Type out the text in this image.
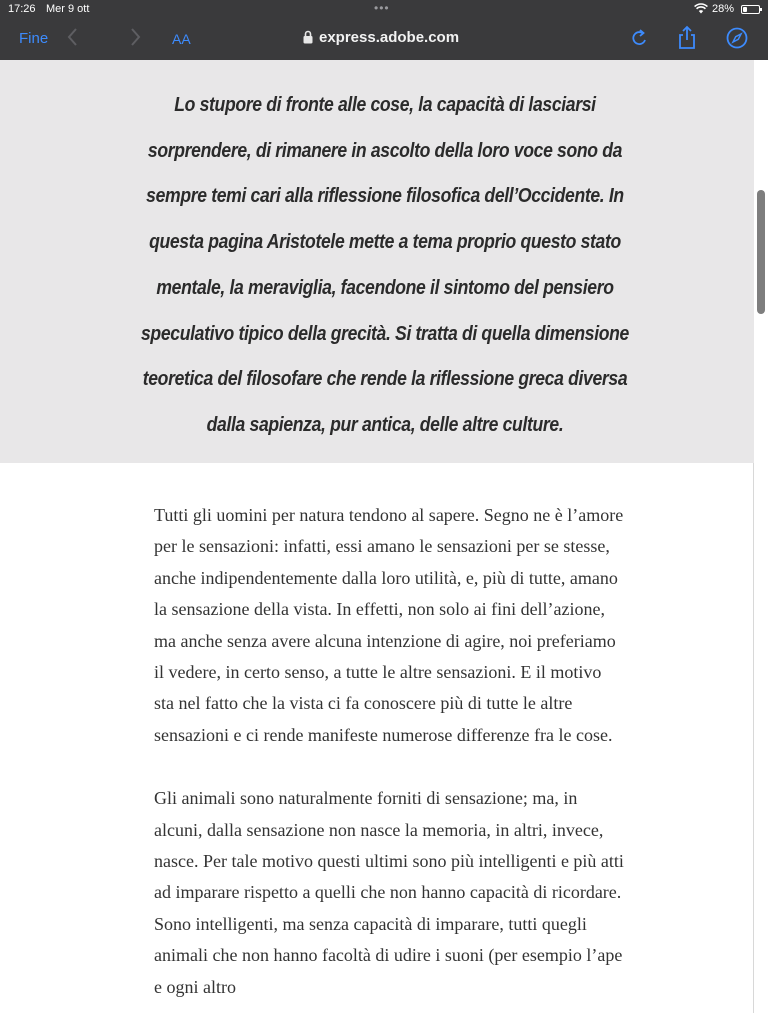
17:26 Mer 9 ott	•••	28%
Fine	AA	express.adobe.com

Lo stupore di fronte alle cose, la capacità di lasciarsi sorprendere, di rimanere in ascolto della loro voce sono da sempre temi cari alla riflessione filosofica dell’Occidente. In questa pagina Aristotele mette a tema proprio questo stato mentale, la meraviglia, facendone il sintomo del pensiero speculativo tipico della grecità. Si tratta di quella dimensione teoretica del filosofare che rende la riflessione greca diversa dalla sapienza, pur antica, delle altre culture.

Tutti gli uomini per natura tendono al sapere. Segno ne è l’amore per le sensazioni: infatti, essi amano le sensazioni per se stesse, anche indipendentemente dalla loro utilità, e, più di tutte, amano la sensazione della vista. In effetti, non solo ai fini dell’azione, ma anche senza avere alcuna intenzione di agire, noi preferiamo il vedere, in certo senso, a tutte le altre sensazioni. E il motivo sta nel fatto che la vista ci fa conoscere più di tutte le altre sensazioni e ci rende manifeste numerose differenze fra le cose.

Gli animali sono naturalmente forniti di sensazione; ma, in alcuni, dalla sensazione non nasce la memoria, in altri, invece, nasce. Per tale motivo questi ultimi sono più intelligenti e più atti ad imparare rispetto a quelli che non hanno capacità di ricordare. Sono intelligenti, ma senza capacità di imparare, tutti quegli animali che non hanno facoltà di udire i suoni (per esempio l’ape e ogni altro
